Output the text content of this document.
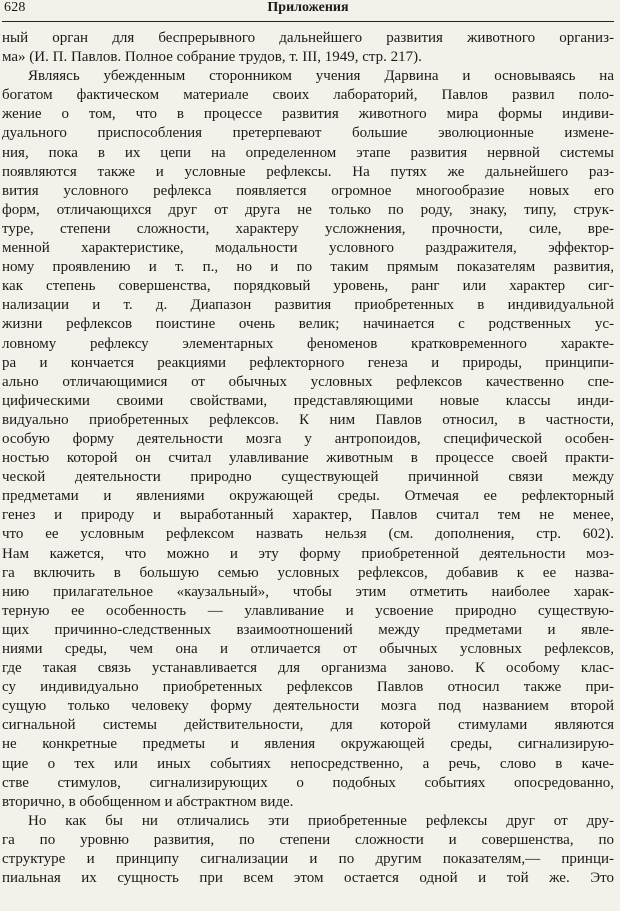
628	Приложения
ный орган для беспрерывного дальнейшего развития животного организ-
ма» (И. П. Павлов. Полное собрание трудов, т. III, 1949, стр. 217).
Являясь убежденным сторонником учения Дарвина и основываясь на
богатом фактическом материале своих лабораторий, Павлов развил поло-
жение о том, что в процессе развития животного мира формы индиви-
дуального приспособления претерпевают большие эволюционные измене-
ния, пока в их цепи на определенном этапе развития нервной системы
появляются также и условные рефлексы. На путях же дальнейшего раз-
вития условного рефлекса появляется огромное многообразие новых его
форм, отличающихся друг от друга не только по роду, знаку, типу, струк-
туре, степени сложности, характеру усложнения, прочности, силе, вре-
менной характеристике, модальности условного раздражителя, эффектор-
ному проявлению и т. п., но и по таким прямым показателям развития,
как степень совершенства, порядковый уровень, ранг или характер сиг-
нализации и т. д. Диапазон развития приобретенных в индивидуальной
жизни рефлексов поистине очень велик; начинается с родственных ус-
ловному рефлексу элементарных феноменов кратковременного характе-
ра и кончается реакциями рефлекторного генеза и природы, принципи-
ально отличающимися от обычных условных рефлексов качественно спе-
цифическими своими свойствами, представляющими новые классы инди-
видуально приобретенных рефлексов. К ним Павлов относил, в частности,
особую форму деятельности мозга у антропоидов, специфической особен-
ностью которой он считал улавливание животным в процессе своей практи-
ческой деятельности природно существующей причинной связи между
предметами и явлениями окружающей среды. Отмечая ее рефлекторный
генез и природу и выработанный характер, Павлов считал тем не менее,
что ее условным рефлексом назвать нельзя (см. дополнения, стр. 602).
Нам кажется, что можно и эту форму приобретенной деятельности моз-
га включить в большую семью условных рефлексов, добавив к ее назва-
нию прилагательное «каузальный», чтобы этим отметить наиболее харак-
терную ее особенность — улавливание и усвоение природно существую-
щих причинно-следственных взаимоотношений между предметами и явле-
ниями среды, чем она и отличается от обычных условных рефлексов,
где такая связь устанавливается для организма заново. К особому клас-
су индивидуально приобретенных рефлексов Павлов относил также при-
сущую только человеку форму деятельности мозга под названием второй
сигнальной системы действительности, для которой стимулами являются
не конкретные предметы и явления окружающей среды, сигнализирую-
щие о тех или иных событиях непосредственно, а речь, слово в каче-
стве стимулов, сигнализирующих о подобных событиях опосредованно,
вторично, в обобщенном и абстрактном виде.
Но как бы ни отличались эти приобретенные рефлексы друг от дру-
га по уровню развития, по степени сложности и совершенства, по
структуре и принципу сигнализации и по другим показателям,— принци-
пиальная их сущность при всем этом остается одной и той же. Это
